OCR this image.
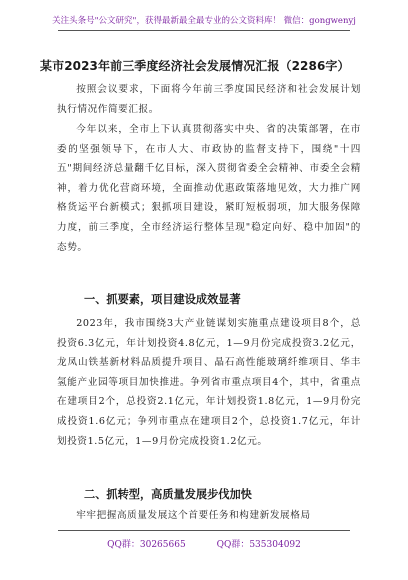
关注头条号"公文研究"，获得最新最全最专业的公文资料库！ 微信：gongwenyj
某市2023年前三季度经济社会发展情况汇报（2286字）

按照会议要求，下面将今年前三季度国民经济和社会发展计划执行情况作简要汇报。

今年以来，全市上下认真贯彻落实中央、省的决策部署，在市委的坚强领导下，在市人大、市政协的监督支持下，围绕"十四五"期间经济总量翻千亿目标，深入贯彻省委全会精神、市委全会精神，着力优化营商环境，全面推动优惠政策落地见效，大力推广网格货运平台新模式；狠抓项目建设，紧盯短板弱项，加大服务保障力度，前三季度，全市经济运行整体呈现"稳定向好、稳中加固"的态势。

一、抓要素，项目建设成效显著

2023年，我市围绕3大产业链谋划实施重点建设项目8个，总投资6.3亿元，年计划投资4.8亿元，1—9月份完成投资3.2亿元，龙凤山铁基新材料品质提升项目、晶石高性能玻璃纤维项目、华丰氢能产业园等项目加快推进。争列省市重点项目4个，其中，省重点在建项目2个，总投资2.1亿元，年计划投资1.8亿元，1—9月份完成投资1.6亿元；争列市重点在建项目2个，总投资1.7亿元，年计划投资1.5亿元，1—9月份完成投资1.2亿元。

二、抓转型，高质量发展步伐加快

牢牢把握高质量发展这个首要任务和构建新发展格局

QQ群：30265665	QQ群：535304092
